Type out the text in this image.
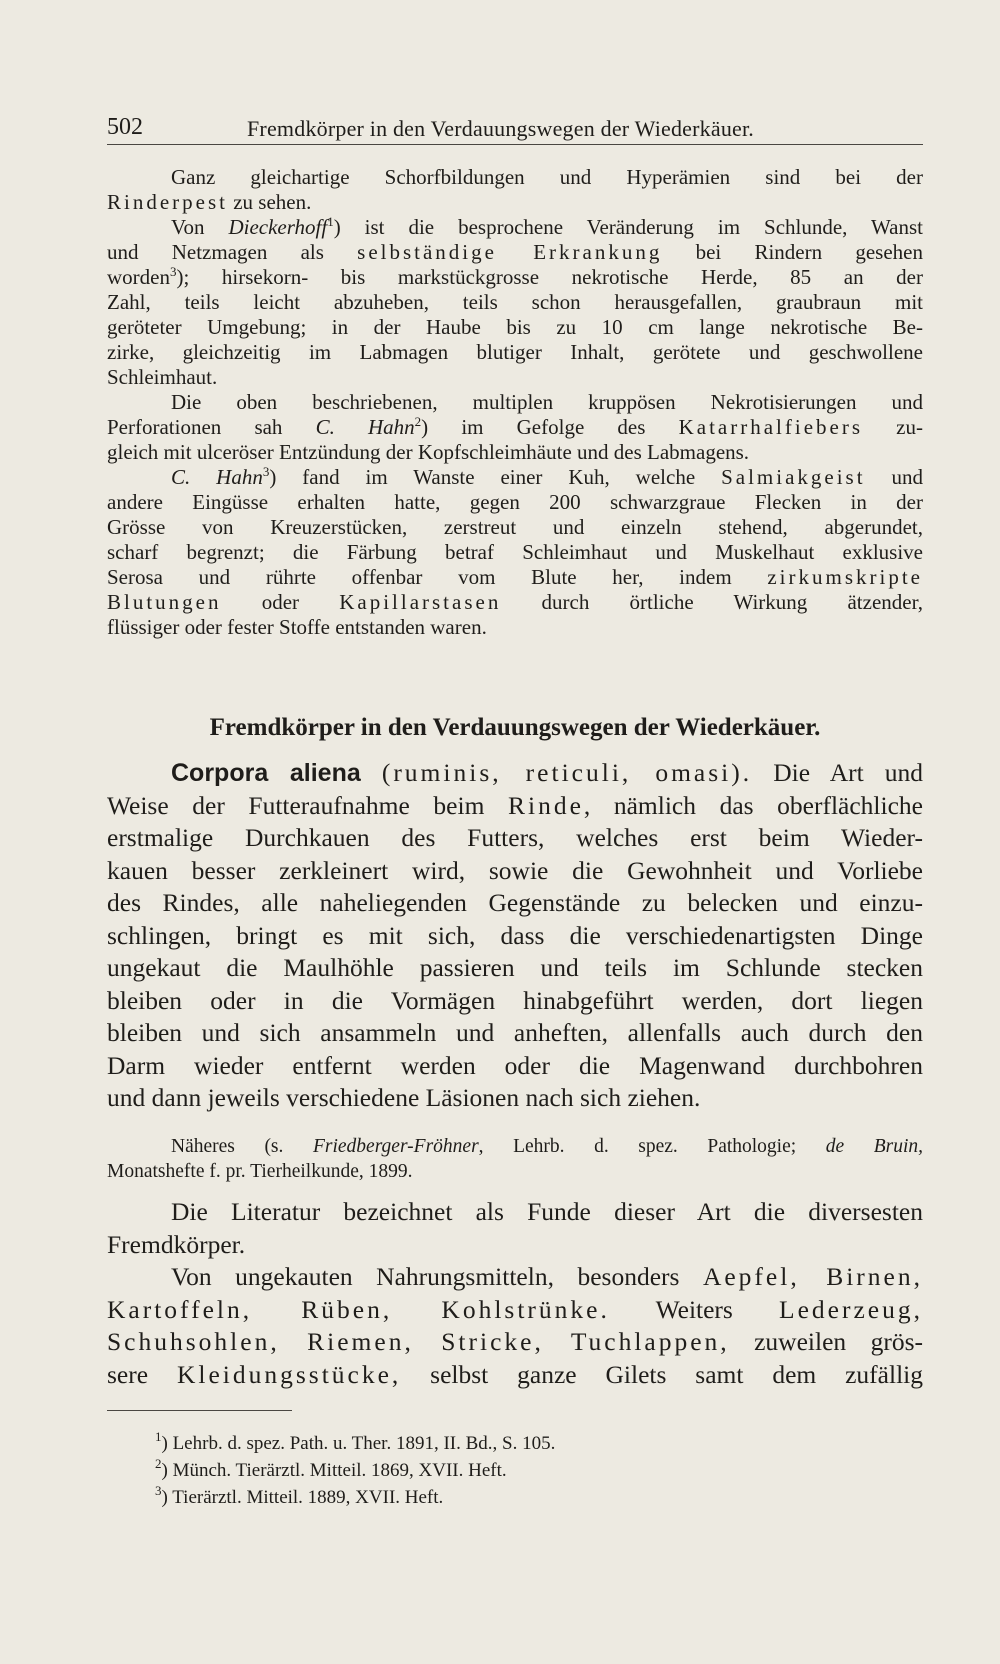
502	Fremdkörper in den Verdauungswegen der Wiederkäuer.
Ganz gleichartige Schorfbildungen und Hyperämien sind bei der
Rinderpest zu sehen.
Von Dieckerhoff$^1$) ist die besprochene Veränderung im Schlunde, Wanst
und Netzmagen als selbständige Erkrankung bei Rindern gesehen
worden$^3$); hirsekorn- bis markstückgrosse nekrotische Herde, 85 an der
Zahl, teils leicht abzuheben, teils schon herausgefallen, graubraun mit
geröteter Umgebung; in der Haube bis zu 10 cm lange nekrotische Be-
zirke, gleichzeitig im Labmagen blutiger Inhalt, gerötete und geschwollene
Schleimhaut.
Die oben beschriebenen, multiplen kruppösen Nekrotisierungen und
Perforationen sah C. Hahn$^2$) im Gefolge des Katarrhalfiebers zu-
gleich mit ulceröser Entzündung der Kopfschleimhäute und des Labmagens.
C. Hahn$^3$) fand im Wanste einer Kuh, welche Salmiakgeist und
andere Eingüsse erhalten hatte, gegen 200 schwarzgraue Flecken in der
Grösse von Kreuzerstücken, zerstreut und einzeln stehend, abgerundet,
scharf begrenzt; die Färbung betraf Schleimhaut und Muskelhaut exklusive
Serosa und rührte offenbar vom Blute her, indem zirkumskripte
Blutungen oder Kapillarstasen durch örtliche Wirkung ätzender,
flüssiger oder fester Stoffe entstanden waren.
Fremdkörper in den Verdauungswegen der Wiederkäuer.
Corpora aliena (ruminis, reticuli, omasi). Die Art und
Weise der Futteraufnahme beim Rinde, nämlich das oberflächliche
erstmalige Durchkauen des Futters, welches erst beim Wieder-
kauen besser zerkleinert wird, sowie die Gewohnheit und Vorliebe
des Rindes, alle naheliegenden Gegenstände zu belecken und einzu-
schlingen, bringt es mit sich, dass die verschiedenartigsten Dinge
ungekaut die Maulhöhle passieren und teils im Schlunde stecken
bleiben oder in die Vormägen hinabgeführt werden, dort liegen
bleiben und sich ansammeln und anheften, allenfalls auch durch den
Darm wieder entfernt werden oder die Magenwand durchbohren
und dann jeweils verschiedene Läsionen nach sich ziehen.
Näheres (s. Friedberger-Fröhner, Lehrb. d. spez. Pathologie; de Bruin,
Monatshefte f. pr. Tierheilkunde, 1899.
Die Literatur bezeichnet als Funde dieser Art die diversesten
Fremdkörper.
Von ungekauten Nahrungsmitteln, besonders Aepfel, Birnen,
Kartoffeln, Rüben, Kohlstrünke. Weiters Lederzeug,
Schuhsohlen, Riemen, Stricke, Tuchlappen, zuweilen grös-
sere Kleidungsstücke, selbst ganze Gilets samt dem zufällig
$^1$) Lehrb. d. spez. Path. u. Ther. 1891, II. Bd., S. 105.
$^2$) Münch. Tierärztl. Mitteil. 1869, XVII. Heft.
$^3$) Tierärztl. Mitteil. 1889, XVII. Heft.
